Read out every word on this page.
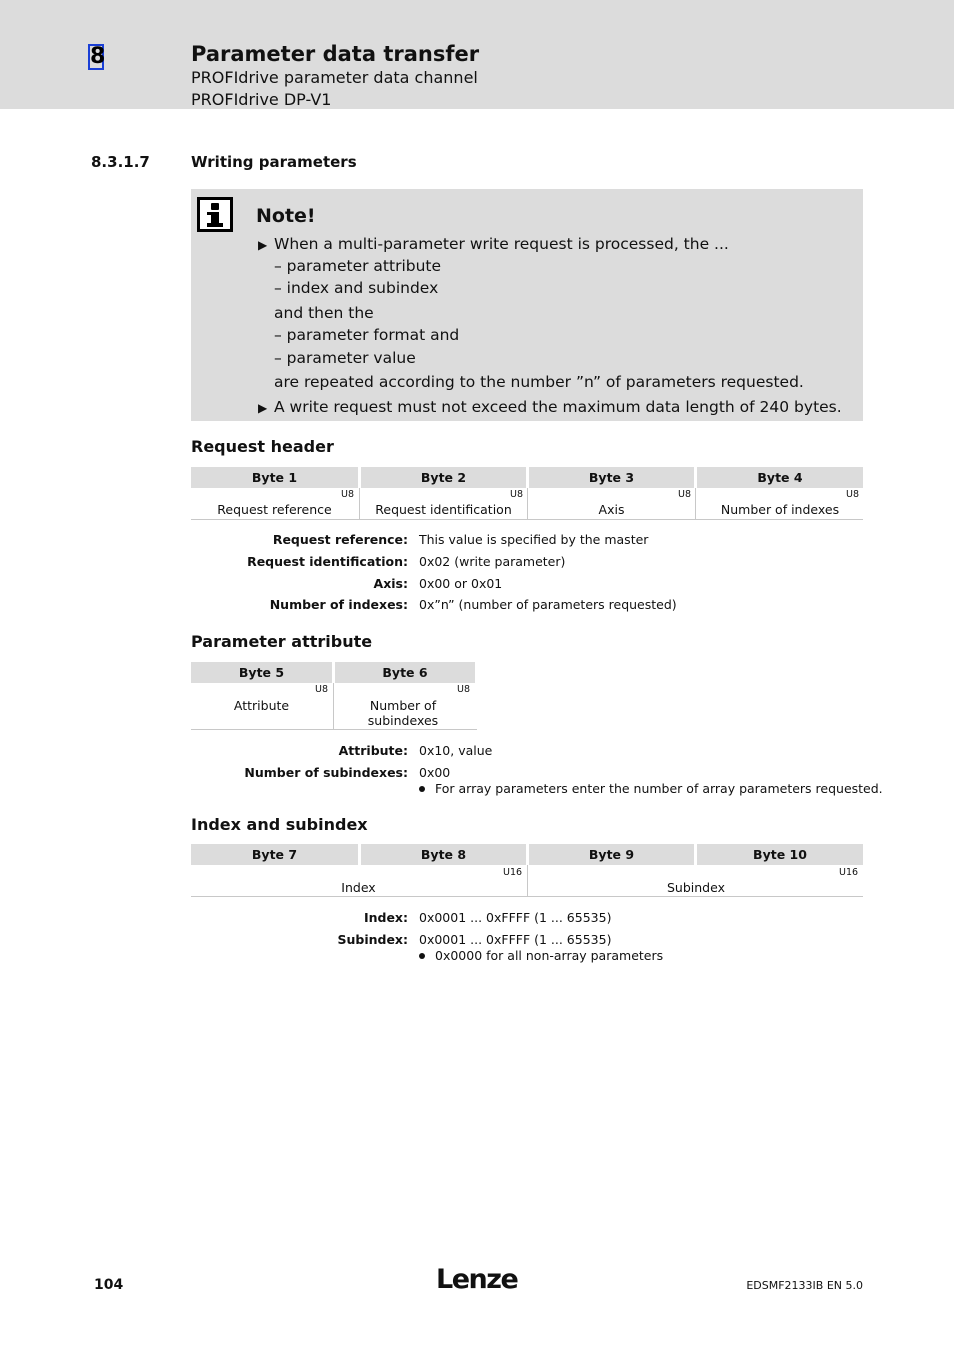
8	Parameter data transfer
PROFIdrive parameter data channel
PROFIdrive DP-V1
8.3.1.7	Writing parameters
Note!
▶ When a multi-parameter write request is processed, the ...
– parameter attribute
– index and subindex
and then the
– parameter format and
– parameter value
are repeated according to the number ”n” of parameters requested.
▶ A write request must not exceed the maximum data length of 240 bytes.
Request header
Byte 1	Byte 2	Byte 3	Byte 4
U8	U8	U8	U8
Request reference	Request identification	Axis	Number of indexes
Request reference: This value is specified by the master
Request identification: 0x02 (write parameter)
Axis: 0x00 or 0x01
Number of indexes: 0x”n” (number of parameters requested)
Parameter attribute
Byte 5	Byte 6
U8	U8
Attribute	Number of subindexes
Attribute: 0x10, value
Number of subindexes: 0x00
For array parameters enter the number of array parameters requested.
Index and subindex
Byte 7	Byte 8	Byte 9	Byte 10
U16	U16
Index	Subindex
Index: 0x0001 ... 0xFFFF (1 ... 65535)
Subindex: 0x0001 ... 0xFFFF (1 ... 65535)
0x0000 for all non-array parameters
104	Lenze	EDSMF2133IB EN 5.0
